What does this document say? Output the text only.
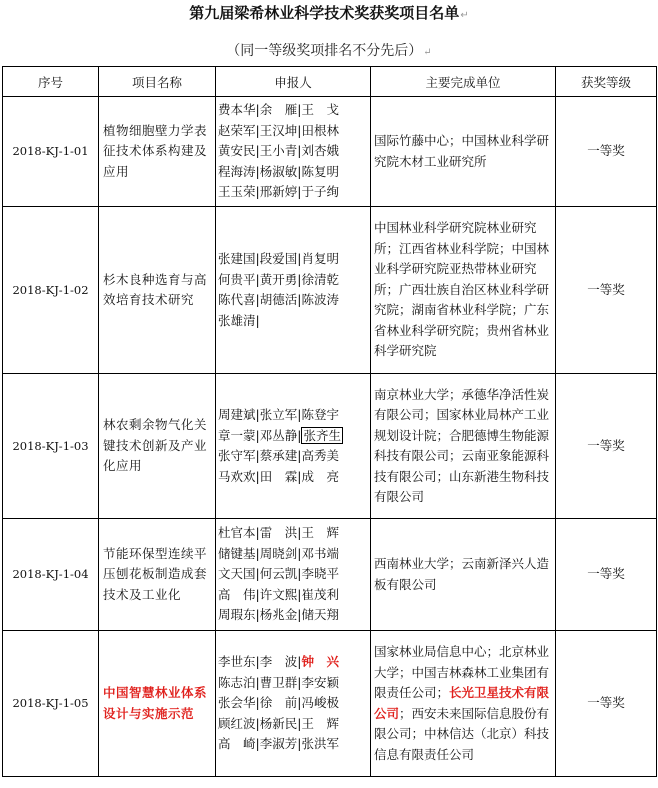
第九届梁希林业科学技术奖获奖项目名单↵
（同一等级奖项排名不分先后）↵
序号	项目名称	申报人	主要完成单位	获奖等级
2018-KJ-1-01	植物细胞壁力学表征技术体系构建及应用	费本华|余　雁|王　戈
赵荣军|王汉坤|田根林
黄安民|王小青|刘杏娥
程海涛|杨淑敏|陈复明
王玉荣|邢新婷|于子绚	国际竹藤中心；中国林业科学研究院木材工业研究所	一等奖
2018-KJ-1-02	杉木良种选育与高效培育技术研究	张建国|段爱国|肖复明
何贵平|黄开勇|徐清乾
陈代喜|胡德活|陈波涛
张雄清|	中国林业科学研究院林业研究所；江西省林业科学院；中国林业科学研究院亚热带林业研究所；广西壮族自治区林业科学研究院；湖南省林业科学院；广东省林业科学研究院；贵州省林业科学研究院	一等奖
2018-KJ-1-03	林农剩余物气化关键技术创新及产业化应用	周建斌|张立军|陈登宇
章一蒙|邓丛静| 张齐生
张守军|蔡承建|高秀美
马欢欢|田　霖|成　亮	南京林业大学；承德华净活性炭有限公司；国家林业局林产工业规划设计院；合肥德博生物能源科技有限公司；云南亚象能源科技有限公司；山东新港生物科技有限公司	一等奖
2018-KJ-1-04	节能环保型连续平压刨花板制造成套技术及工业化	杜官本|雷　洪|王　辉
储键基|周晓剑|邓书端
文天国|何云凯|李晓平
高　伟|许文熙|崔茂利
周瑕东|杨兆金|储天翔	西南林业大学；云南新泽兴人造板有限公司	一等奖
2018-KJ-1-05	中国智慧林业体系设计与实施示范	李世东|李　波|钟　兴
陈志泊|曹卫群|李安颖
张会华|徐　前|冯峻极
顾红波|杨新民|王　辉
高　崎|李淑芳|张洪军	国家林业局信息中心；北京林业大学；中国吉林森林工业集团有限责任公司；长光卫星技术有限公司；西安未来国际信息股份有限公司；中林信达（北京）科技信息有限责任公司	一等奖
